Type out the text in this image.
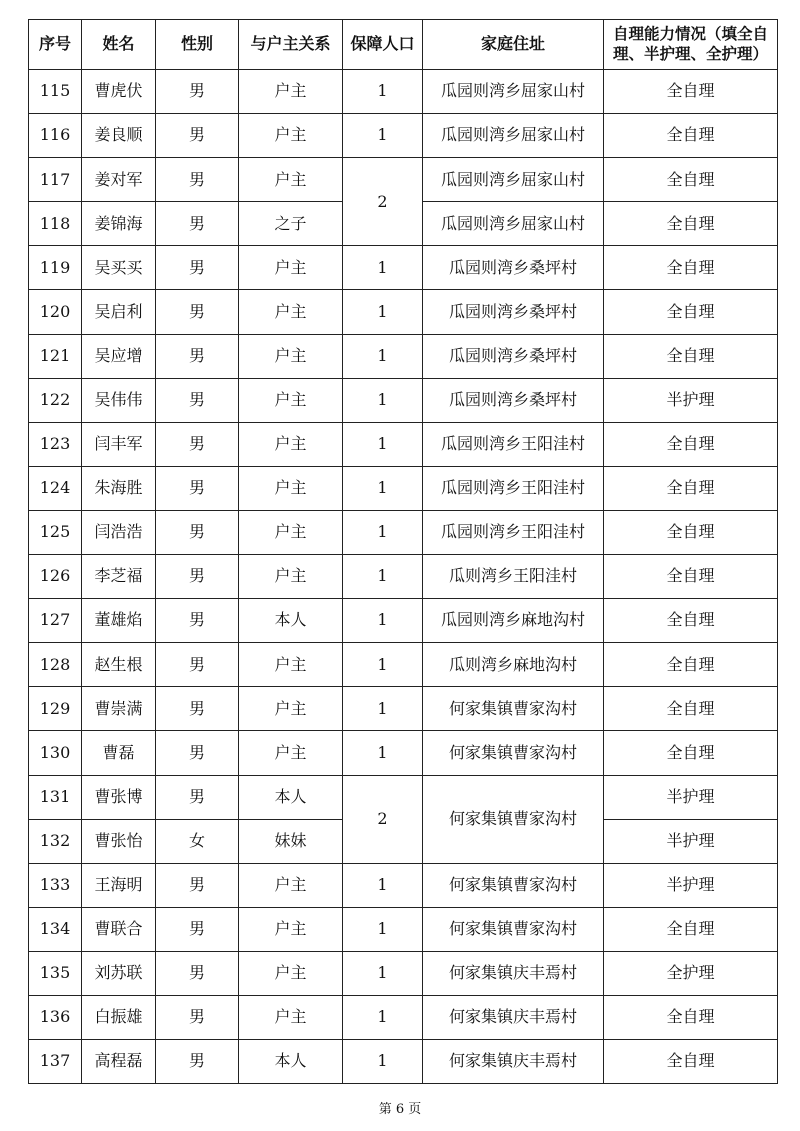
序号	姓名	性别	与户主关系	保障人口	家庭住址	自理能力情况（填全自理、半护理、全护理）
115	曹虎伏	男	户主	1	瓜园则湾乡屈家山村	全自理
116	姜良顺	男	户主	1	瓜园则湾乡屈家山村	全自理
117	姜对军	男	户主	2	瓜园则湾乡屈家山村	全自理
118	姜锦海	男	之子		瓜园则湾乡屈家山村	全自理
119	吴买买	男	户主	1	瓜园则湾乡桑坪村	全自理
120	吴启利	男	户主	1	瓜园则湾乡桑坪村	全自理
121	吴应增	男	户主	1	瓜园则湾乡桑坪村	全自理
122	吴伟伟	男	户主	1	瓜园则湾乡桑坪村	半护理
123	闫丰军	男	户主	1	瓜园则湾乡王阳洼村	全自理
124	朱海胜	男	户主	1	瓜园则湾乡王阳洼村	全自理
125	闫浩浩	男	户主	1	瓜园则湾乡王阳洼村	全自理
126	李芝福	男	户主	1	瓜则湾乡王阳洼村	全自理
127	董雄焰	男	本人	1	瓜园则湾乡麻地沟村	全自理
128	赵生根	男	户主	1	瓜则湾乡麻地沟村	全自理
129	曹崇满	男	户主	1	何家集镇曹家沟村	全自理
130	曹磊	男	户主	1	何家集镇曹家沟村	全自理
131	曹张博	男	本人	2	何家集镇曹家沟村	半护理
132	曹张怡	女	妹妹			半护理
133	王海明	男	户主	1	何家集镇曹家沟村	半护理
134	曹联合	男	户主	1	何家集镇曹家沟村	全自理
135	刘苏联	男	户主	1	何家集镇庆丰焉村	全护理
136	白振雄	男	户主	1	何家集镇庆丰焉村	全自理
137	高程磊	男	本人	1	何家集镇庆丰焉村	全自理
第 6 页
